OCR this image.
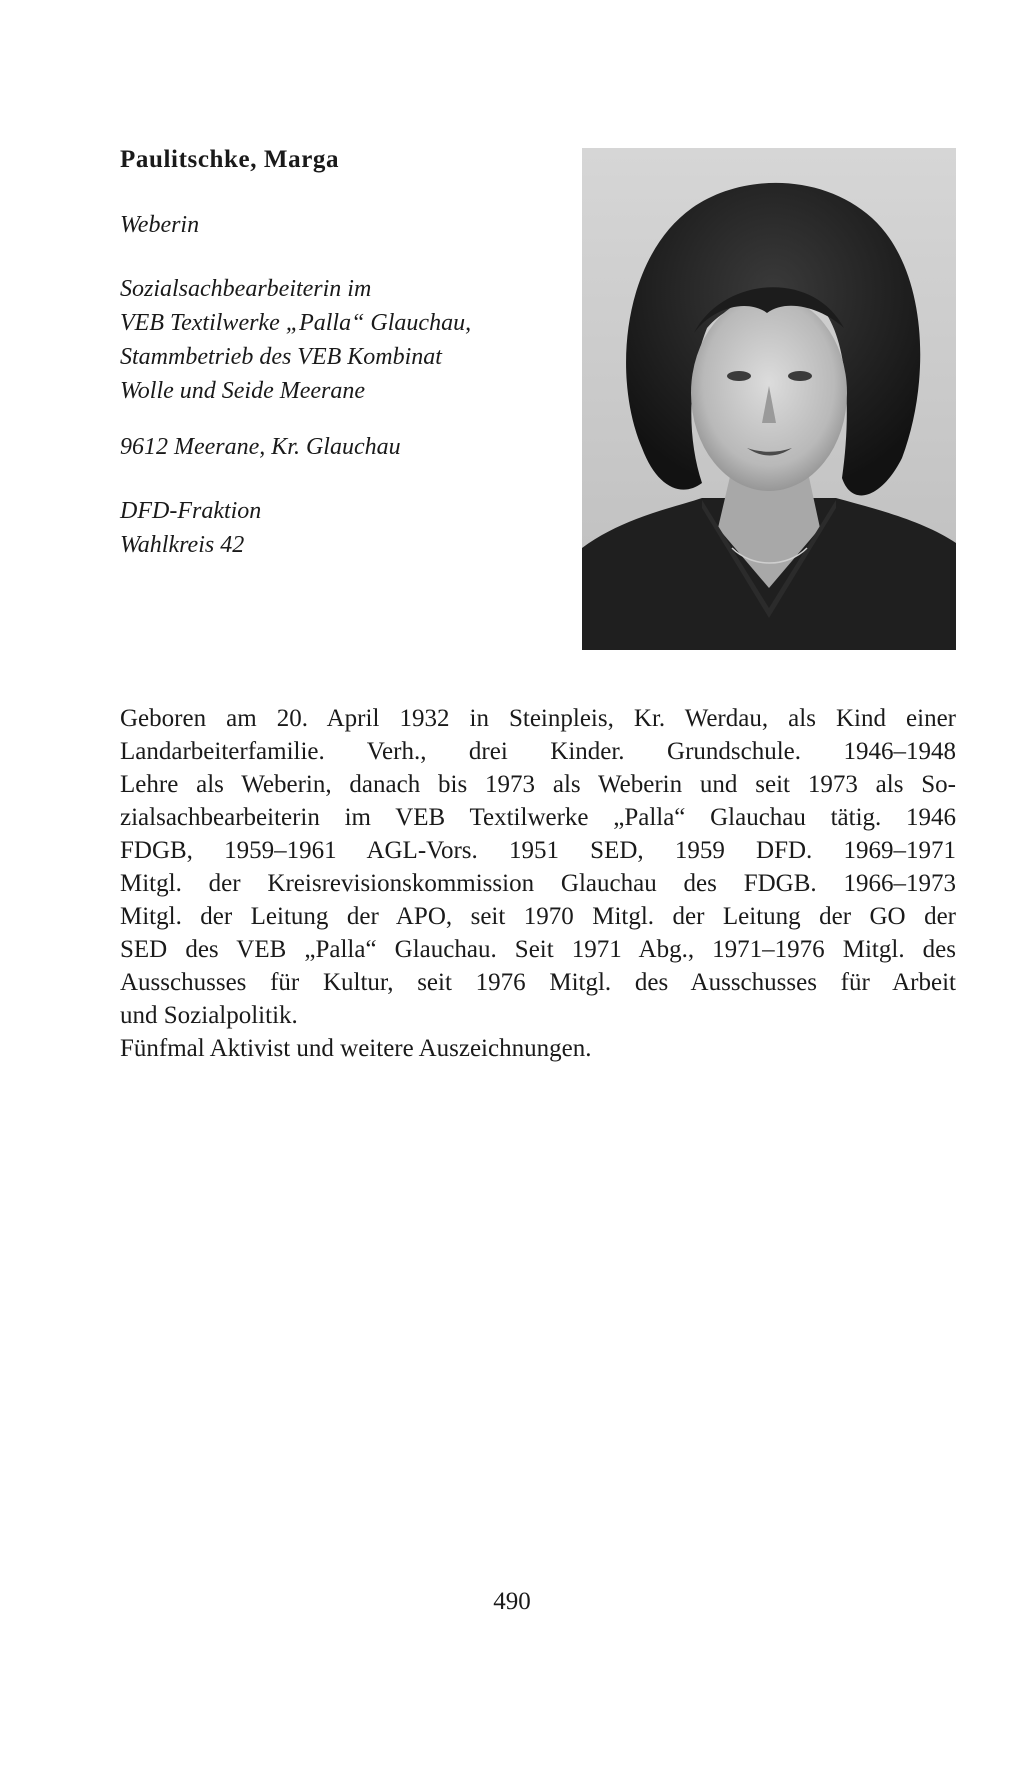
Paulitschke, Marga

Weberin

Sozialsachbearbeiterin im
VEB Textilwerke „Palla“ Glauchau,
Stammbetrieb des VEB Kombinat
Wolle und Seide Meerane

9612 Meerane, Kr. Glauchau

DFD-Fraktion
Wahlkreis 42

Geboren am 20. April 1932 in Steinpleis, Kr. Werdau, als Kind einer
Landarbeiterfamilie. Verh., drei Kinder. Grundschule. 1946–1948
Lehre als Weberin, danach bis 1973 als Weberin und seit 1973 als So-
zialsachbearbeiterin im VEB Textilwerke „Palla“ Glauchau tätig. 1946
FDGB, 1959–1961 AGL-Vors. 1951 SED, 1959 DFD. 1969–1971
Mitgl. der Kreisrevisionskommission Glauchau des FDGB. 1966–1973
Mitgl. der Leitung der APO, seit 1970 Mitgl. der Leitung der GO der
SED des VEB „Palla“ Glauchau. Seit 1971 Abg., 1971–1976 Mitgl. des
Ausschusses für Kultur, seit 1976 Mitgl. des Ausschusses für Arbeit
und Sozialpolitik.
Fünfmal Aktivist und weitere Auszeichnungen.

490
